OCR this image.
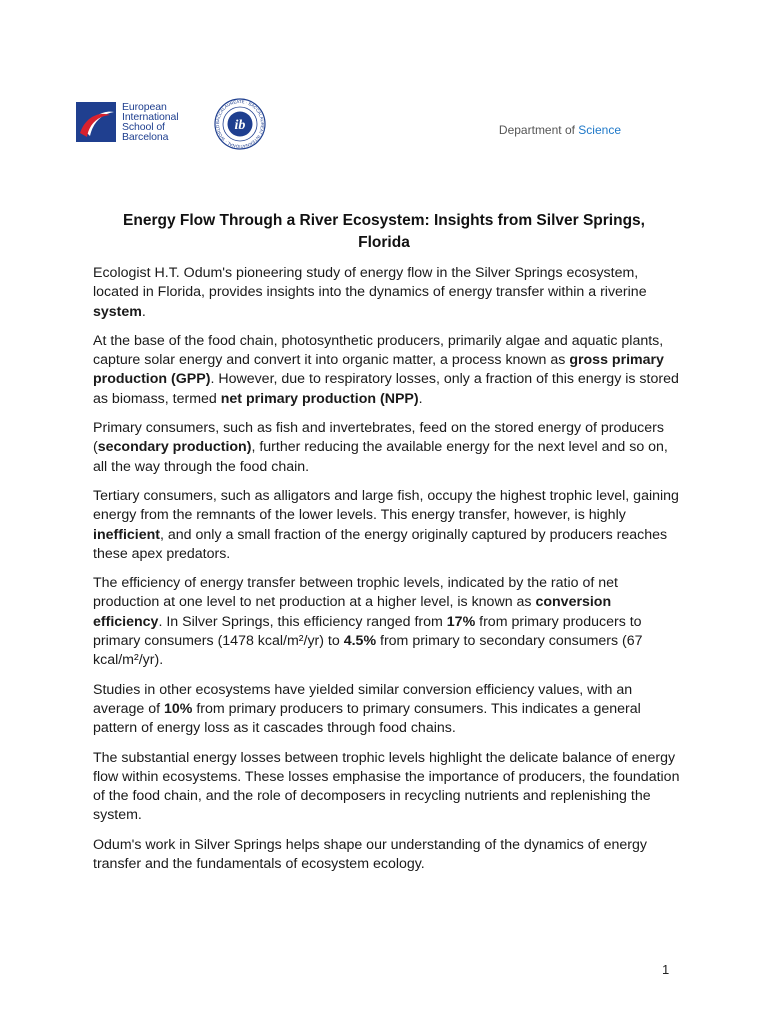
European
International
School of
Barcelona
BACCALAUREATE · BACCALAURÉAT INTERNATIONAL · WORLD	ib	Department of Science
Energy Flow Through a River Ecosystem: Insights from Silver Springs, Florida

Ecologist H.T. Odum's pioneering study of energy flow in the Silver Springs ecosystem, located in Florida, provides insights into the dynamics of energy transfer within a riverine system.

At the base of the food chain, photosynthetic producers, primarily algae and aquatic plants, capture solar energy and convert it into organic matter, a process known as gross primary production (GPP). However, due to respiratory losses, only a fraction of this energy is stored as biomass, termed net primary production (NPP).

Primary consumers, such as fish and invertebrates, feed on the stored energy of producers (secondary production), further reducing the available energy for the next level and so on, all the way through the food chain.

Tertiary consumers, such as alligators and large fish, occupy the highest trophic level, gaining energy from the remnants of the lower levels. This energy transfer, however, is highly inefficient, and only a small fraction of the energy originally captured by producers reaches these apex predators.

The efficiency of energy transfer between trophic levels, indicated by the ratio of net production at one level to net production at a higher level, is known as conversion efficiency. In Silver Springs, this efficiency ranged from 17% from primary producers to primary consumers (1478 kcal/m²/yr) to 4.5% from primary to secondary consumers (67 kcal/m²/yr).

Studies in other ecosystems have yielded similar conversion efficiency values, with an average of 10% from primary producers to primary consumers. This indicates a general pattern of energy loss as it cascades through food chains.

The substantial energy losses between trophic levels highlight the delicate balance of energy flow within ecosystems. These losses emphasise the importance of producers, the foundation of the food chain, and the role of decomposers in recycling nutrients and replenishing the system.

Odum's work in Silver Springs helps shape our understanding of the dynamics of energy transfer and the fundamentals of ecosystem ecology.

1
